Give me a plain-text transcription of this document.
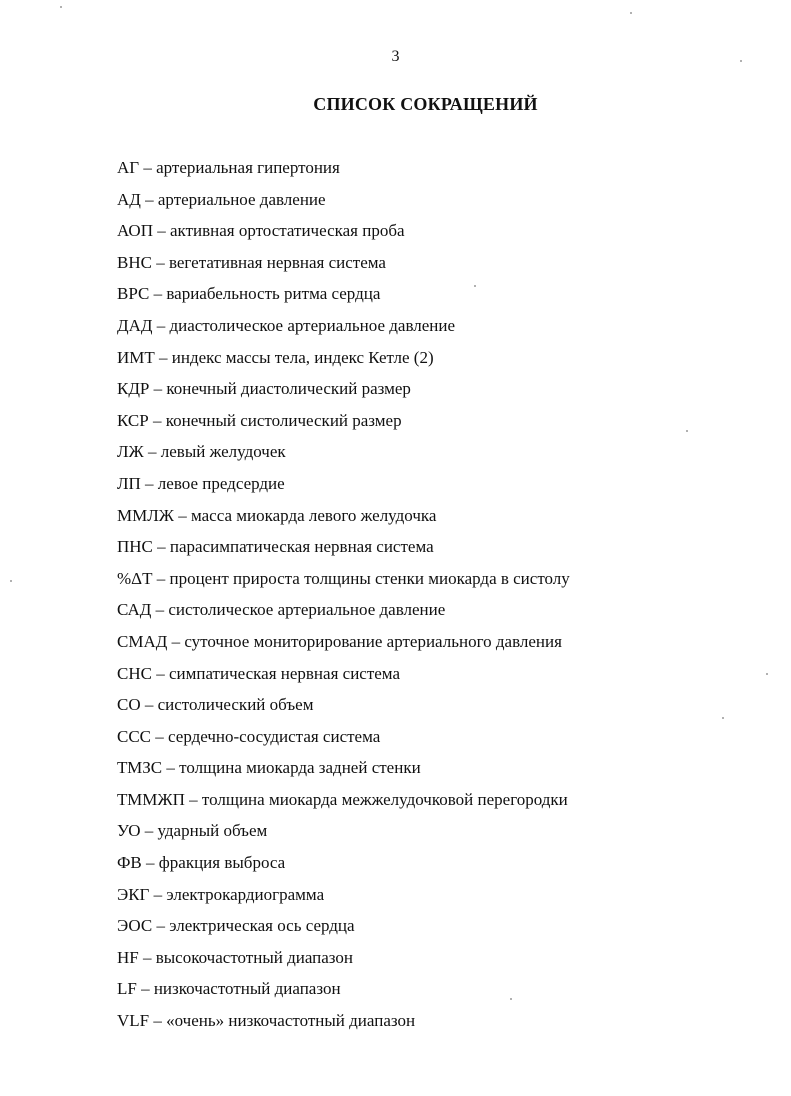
3
СПИСОК СОКРАЩЕНИЙ
АГ – артериальная гипертония
АД – артериальное давление
АОП – активная ортостатическая проба
ВНС – вегетативная нервная система
ВРС – вариабельность ритма сердца
ДАД – диастолическое артериальное давление
ИМТ – индекс массы тела, индекс Кетле (2)
КДР – конечный диастолический размер
КСР – конечный систолический размер
ЛЖ – левый желудочек
ЛП – левое предсердие
ММЛЖ – масса миокарда левого желудочка
ПНС – парасимпатическая нервная система
%ΔТ – процент прироста толщины стенки миокарда в систолу
САД – систолическое артериальное давление
СМАД – суточное мониторирование артериального давления
СНС – симпатическая нервная система
СО – систолический объем
ССС – сердечно-сосудистая система
ТМЗС – толщина миокарда задней стенки
ТММЖП – толщина миокарда межжелудочковой перегородки
УО – ударный объем
ФВ – фракция выброса
ЭКГ – электрокардиограмма
ЭОС – электрическая ось сердца
HF – высокочастотный диапазон
LF – низкочастотный диапазон
VLF – «очень» низкочастотный диапазон
